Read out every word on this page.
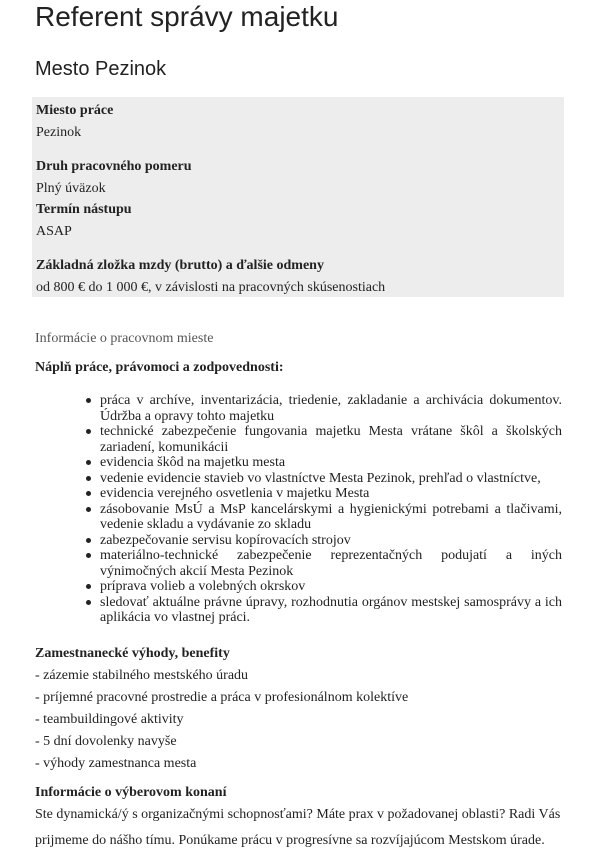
Referent správy majetku
Mesto Pezinok
Miesto práce
Pezinok
Druh pracovného pomeru
Plný úväzok
Termín nástupu
ASAP
Základná zložka mzdy (brutto) a ďalšie odmeny
od 800 € do 1 000 €, v závislosti na pracovných skúsenostiach
Informácie o pracovnom mieste
Náplň práce, právomoci a zodpovednosti:
práca v archíve, inventarizácia, triedenie, zakladanie a archivácia dokumentov. Údržba a opravy tohto majetku
technické zabezpečenie fungovania majetku Mesta vrátane škôl a školských zariadení, komunikácii
evidencia škôd na majetku mesta
vedenie evidencie stavieb vo vlastníctve Mesta Pezinok, prehľad o vlastníctve,
evidencia verejného osvetlenia v majetku Mesta
zásobovanie MsÚ a MsP kancelárskymi a hygienickými potrebami a tlačivami, vedenie skladu a vydávanie zo skladu
zabezpečovanie servisu kopírovacích strojov
materiálno-technické zabezpečenie reprezentačných podujatí a iných výnimočných akcií Mesta Pezinok
príprava volieb a volebných okrskov
sledovať aktuálne právne úpravy, rozhodnutia orgánov mestskej samosprávy a ich aplikácia vo vlastnej práci.
Zamestnanecké výhody, benefity
- zázemie stabilného mestského úradu
- príjemné pracovné prostredie a práca v profesionálnom kolektíve
- teambuildingové aktivity
- 5 dní dovolenky navyše
- výhody zamestnanca mesta
Informácie o výberovom konaní

Ste dynamická/ý s organizačnými schopnosťami? Máte prax v požadovanej oblasti? Radi Vás prijmeme do nášho tímu. Ponúkame prácu v progresívne sa rozvíjajúcom Mestskom úrade.
